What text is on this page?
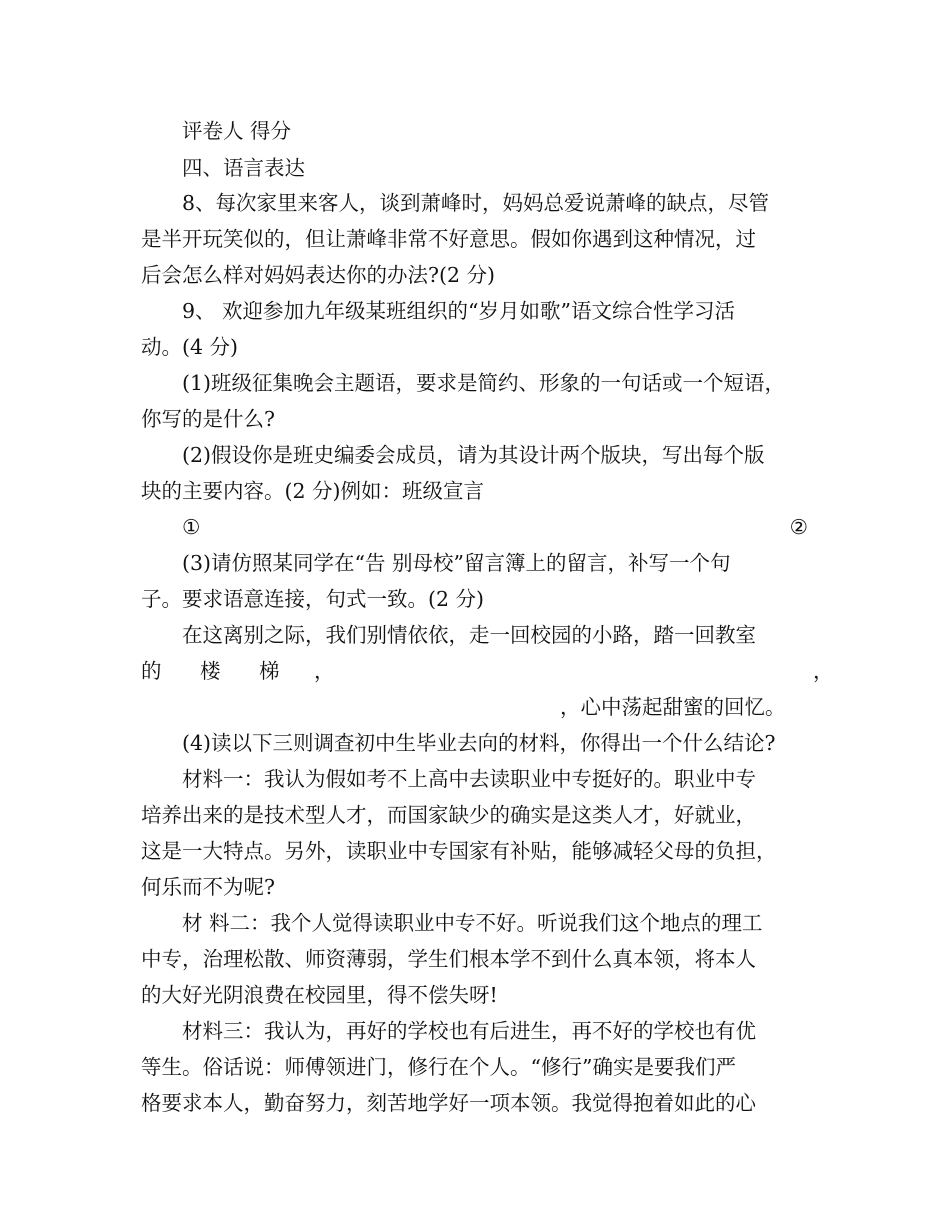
评卷人 得分
四、语言表达
8、每次家里来客人，谈到萧峰时，妈妈总爱说萧峰的缺点，尽管
是半开玩笑似的，但让萧峰非常不好意思。假如你遇到这种情况，过
后会怎么样对妈妈表达你的办法?(2 分)
9、 欢迎参加九年级某班组织的“岁月如歌”语文综合性学习活
动。(4 分)
(1)班级征集晚会主题语，要求是简约、形象的一句话或一个短语，
你写的是什么?
(2)假设你是班史编委会成员，请为其设计两个版块，写出每个版
块的主要内容。(2 分)例如：班级宣言
①	②
(3)请仿照某同学在“告 别母校”留言簿上的留言，补写一个句
子。要求语意连接，句式一致。(2 分)
在这离别之际，我们别情依依，走一回校园的小路，踏一回教室
的 楼 梯 ，	，
，心中荡起甜蜜的回忆。
(4)读以下三则调查初中生毕业去向的材料，你得出一个什么结论?
材料一：我认为假如考不上高中去读职业中专挺好的。职业中专
培养出来的是技术型人才，而国家缺少的确实是这类人才，好就业，
这是一大特点。另外，读职业中专国家有补贴，能够减轻父母的负担，
何乐而不为呢?
材 料二：我个人觉得读职业中专不好。听说我们这个地点的理工
中专，治理松散、师资薄弱，学生们根本学不到什么真本领，将本人
的大好光阴浪费在校园里，得不偿失呀!
材料三：我认为，再好的学校也有后进生，再不好的学校也有优
等生。俗话说：师傅领进门，修行在个人。“修行”确实是要我们严
格要求本人，勤奋努力，刻苦地学好一项本领。我觉得抱着如此的心
